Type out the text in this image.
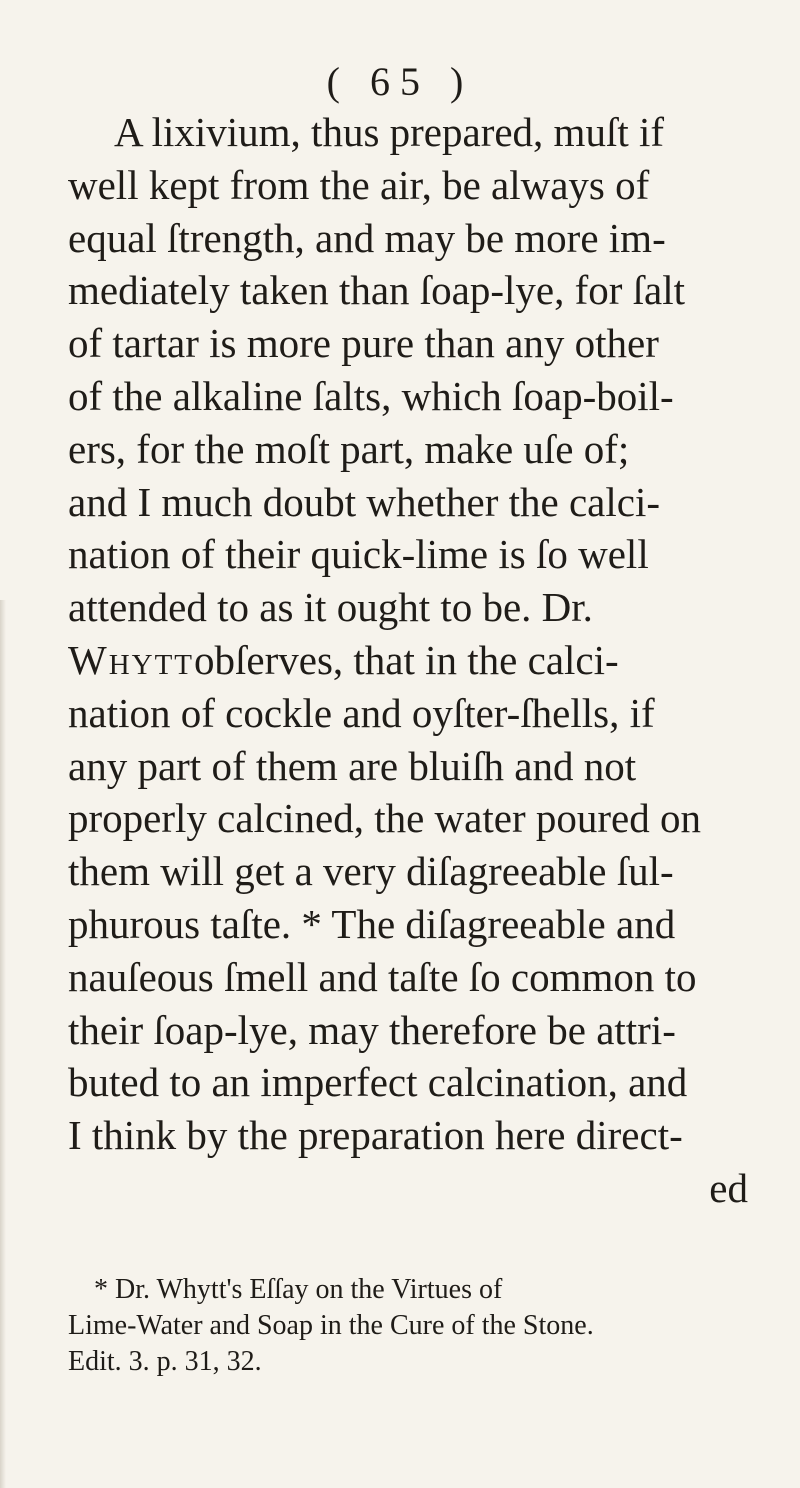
( 65 )
A lixivium, thus prepared, muſt if
well kept from the air, be always of
equal ſtrength, and may be more im-
mediately taken than ſoap-lye, for ſalt
of tartar is more pure than any other
of the alkaline ſalts, which ſoap-boil-
ers, for the moſt part, make uſe of;
and I much doubt whether the calci-
nation of their quick-lime is ſo well
attended to as it ought to be. Dr.
Whyttobſerves, that in the calci-
nation of cockle and oyſter-ſhells, if
any part of them are bluiſh and not
properly calcined, the water poured on
them will get a very diſagreeable ſul-
phurous taſte. * The diſagreeable and
nauſeous ſmell and taſte ſo common to
their ſoap-lye, may therefore be attri-
buted to an imperfect calcination, and
I think by the preparation here direct-
ed
* Dr. Whytt's Eſſay on the Virtues of
Lime-Water and Soap in the Cure of the Stone.
Edit. 3. p. 31, 32.
